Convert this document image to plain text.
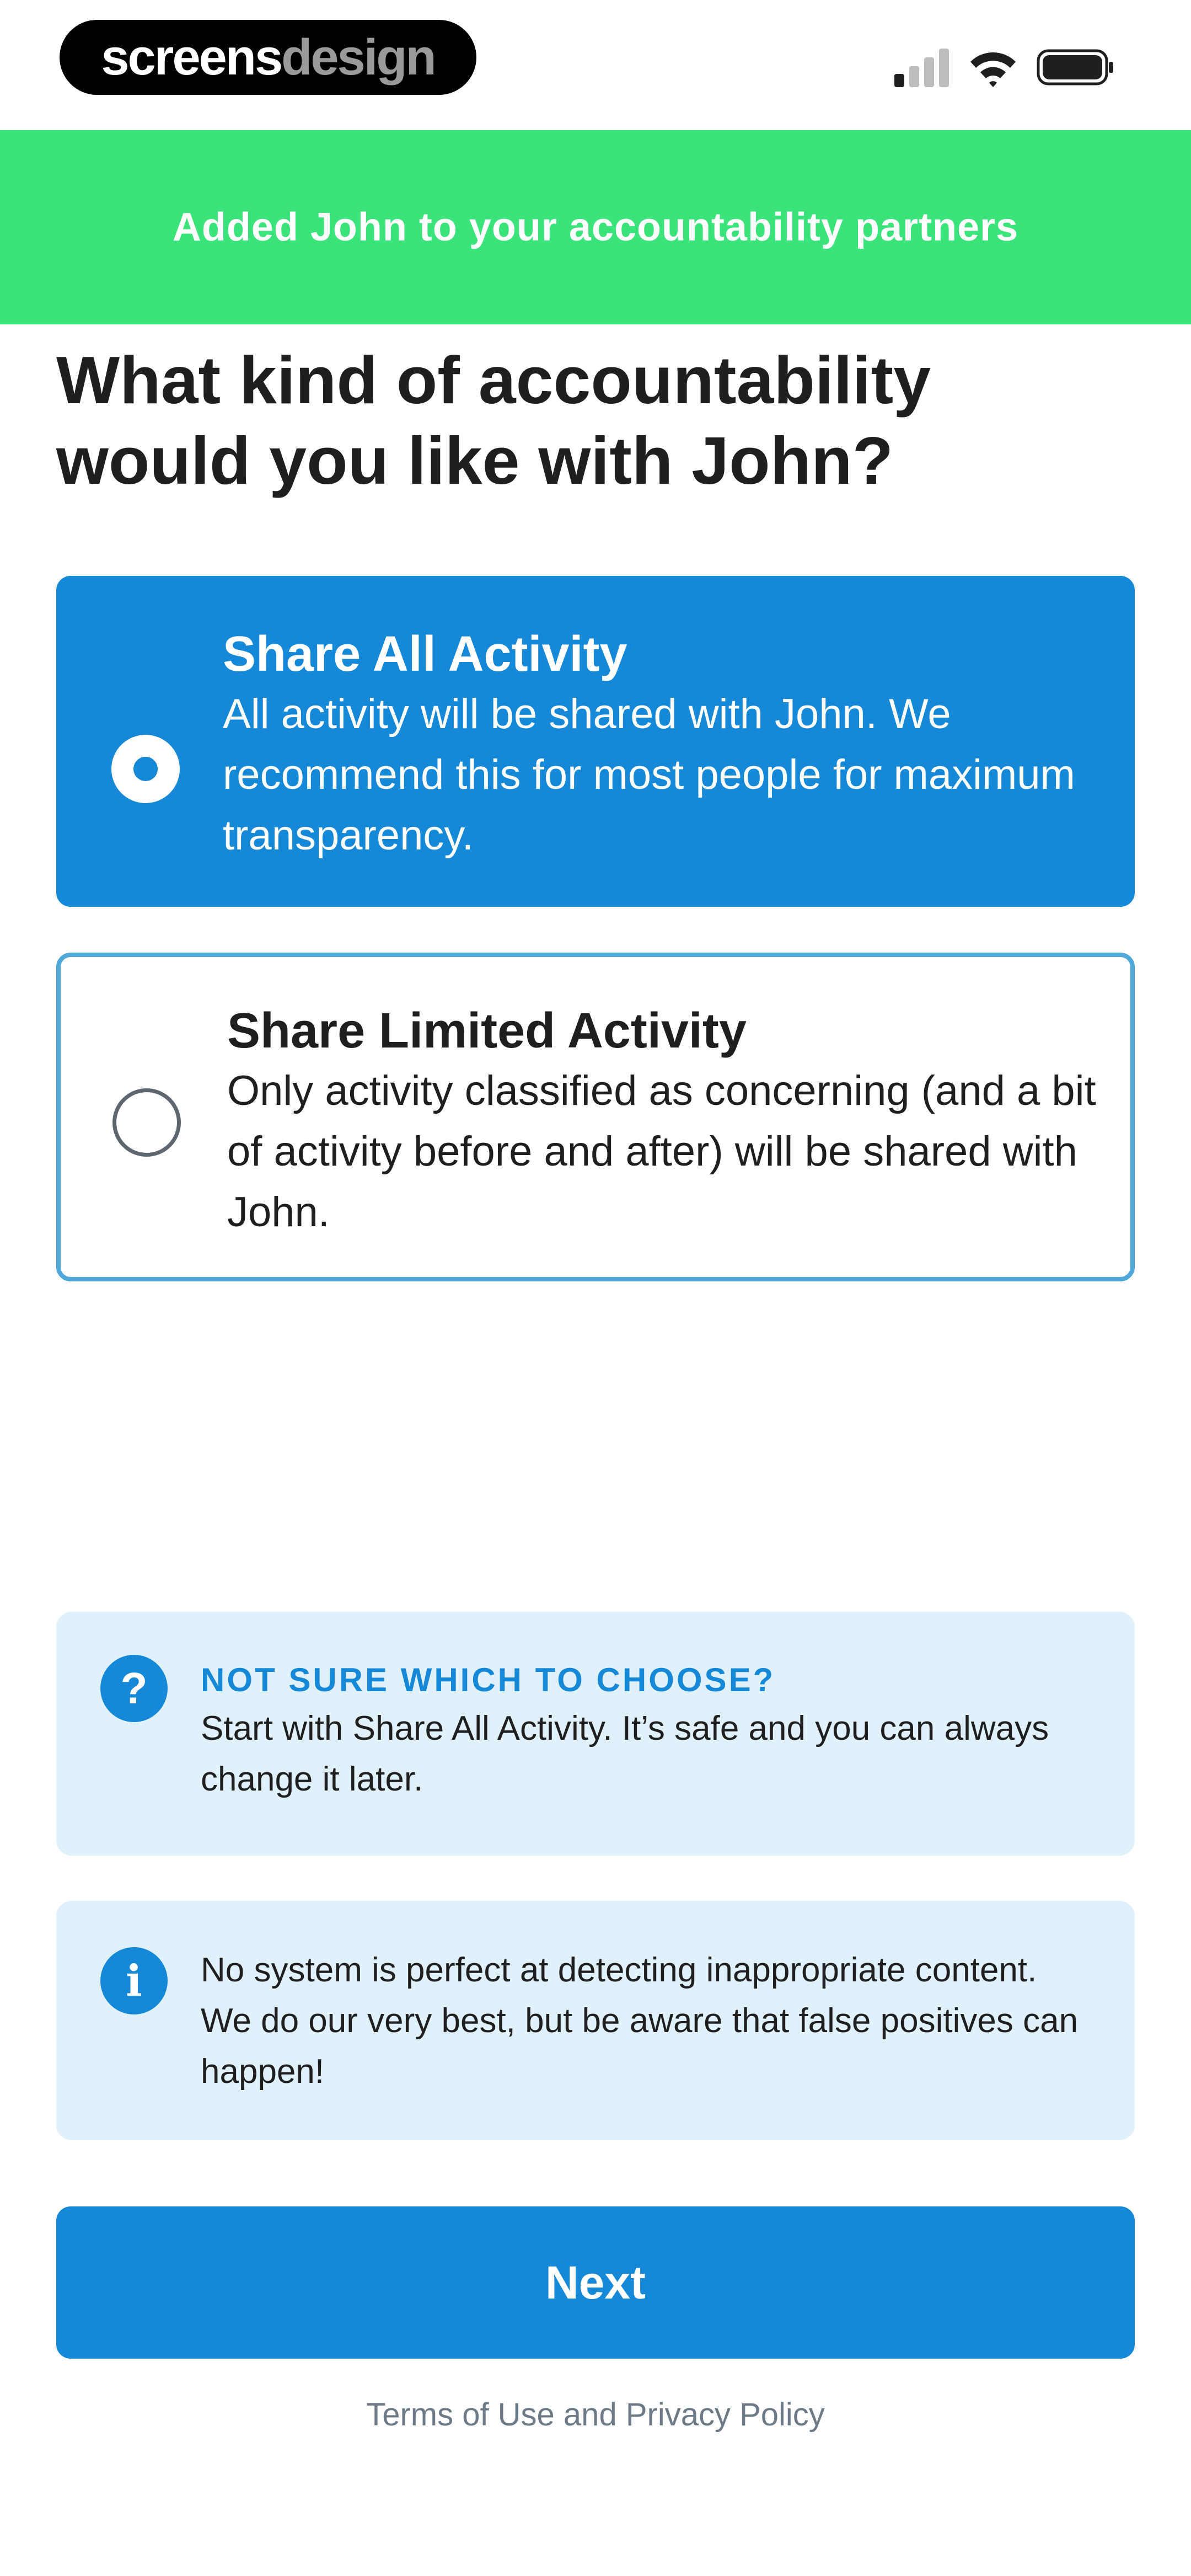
screens design
Added John to your accountability partners
What kind of accountability would you like with John?
Share All Activity
All activity will be shared with John. We recommend this for most people for maximum transparency.
Share Limited Activity
Only activity classified as concerning (and a bit of activity before and after) will be shared with John.
?	NOT SURE WHICH TO CHOOSE?
Start with Share All Activity. It’s safe and you can always change it later.
i	No system is perfect at detecting inappropriate content. We do our very best, but be aware that false positives can happen!
Next
Terms of Use and Privacy Policy
